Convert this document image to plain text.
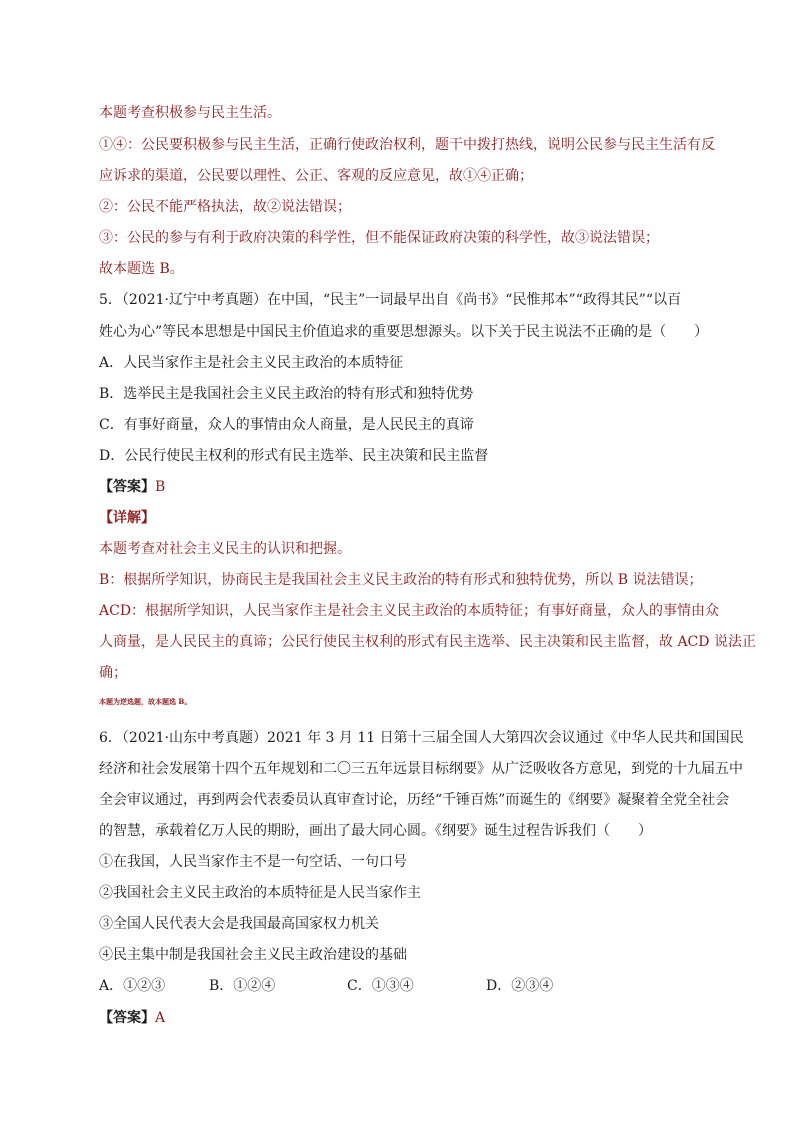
本题考查积极参与民主生活。
①④：公民要积极参与民主生活，正确行使政治权利，题干中拨打热线，说明公民参与民主生活有反
应诉求的渠道，公民要以理性、公正、客观的反应意见，故①④正确；
②：公民不能严格执法，故②说法错误；
③：公民的参与有利于政府决策的科学性，但不能保证政府决策的科学性，故③说法错误；
故本题选 B。
5．（2021·辽宁中考真题）在中国，“民主”一词最早出自《尚书》“民惟邦本”“政得其民”“以百
姓心为心”等民本思想是中国民主价值追求的重要思想源头。以下关于民主说法不正确的是（　　）
A．人民当家作主是社会主义民主政治的本质特征
B．选举民主是我国社会主义民主政治的特有形式和独特优势
C．有事好商量，众人的事情由众人商量，是人民民主的真谛
D．公民行使民主权利的形式有民主选举、民主决策和民主监督
【答案】B
【详解】
本题考查对社会主义民主的认识和把握。
B：根据所学知识，协商民主是我国社会主义民主政治的特有形式和独特优势，所以 B 说法错误；
ACD：根据所学知识，人民当家作主是社会主义民主政治的本质特征；有事好商量，众人的事情由众
人商量，是人民民主的真谛；公民行使民主权利的形式有民主选举、民主决策和民主监督，故 ACD 说法正
确；
本题为逆选题，故本题选 B。
6．（2021·山东中考真题）2021 年 3 月 11 日第十三届全国人大第四次会议通过《中华人民共和国国民
经济和社会发展第十四个五年规划和二〇三五年远景目标纲要》从广泛吸收各方意见，到党的十九届五中
全会审议通过，再到两会代表委员认真审查讨论，历经“千锤百炼”而诞生的《纲要》凝聚着全党全社会
的智慧，承载着亿万人民的期盼，画出了最大同心圆。《纲要》诞生过程告诉我们（　　）
①在我国，人民当家作主不是一句空话、一句口号
②我国社会主义民主政治的本质特征是人民当家作主
③全国人民代表大会是我国最高国家权力机关
④民主集中制是我国社会主义民主政治建设的基础
A．①②③	B．①②④	C．①③④	D．②③④
【答案】A
